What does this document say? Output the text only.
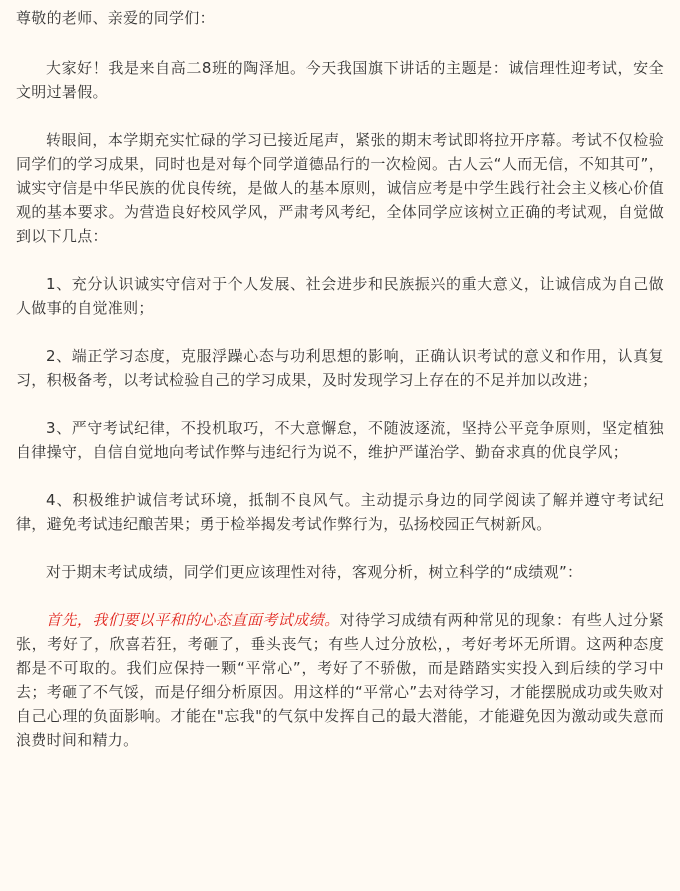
尊敬的老师、亲爱的同学们：

大家好！我是来自高二8班的陶泽旭。今天我国旗下讲话的主题是：诚信理性迎考试，安全文明过暑假。

转眼间，本学期充实忙碌的学习已接近尾声，紧张的期末考试即将拉开序幕。考试不仅检验同学们的学习成果，同时也是对每个同学道德品行的一次检阅。古人云“人而无信，不知其可”，诚实守信是中华民族的优良传统，是做人的基本原则，诚信应考是中学生践行社会主义核心价值观的基本要求。为营造良好校风学风，严肃考风考纪，全体同学应该树立正确的考试观，自觉做到以下几点：

1、充分认识诚实守信对于个人发展、社会进步和民族振兴的重大意义，让诚信成为自己做人做事的自觉准则；

2、端正学习态度，克服浮躁心态与功利思想的影响，正确认识考试的意义和作用，认真复习，积极备考，以考试检验自己的学习成果，及时发现学习上存在的不足并加以改进；

3、严守考试纪律，不投机取巧，不大意懈怠，不随波逐流，坚持公平竞争原则，坚定植独自律操守，自信自觉地向考试作弊与违纪行为说不，维护严谨治学、勤奋求真的优良学风；

4、积极维护诚信考试环境，抵制不良风气。主动提示身边的同学阅读了解并遵守考试纪律，避免考试违纪酿苦果；勇于检举揭发考试作弊行为，弘扬校园正气树新风。

对于期末考试成绩，同学们更应该理性对待，客观分析，树立科学的“成绩观”：

首先，我们要以平和的心态直面考试成绩。对待学习成绩有两种常见的现象：有些人过分紧张，考好了，欣喜若狂，考砸了，垂头丧气；有些人过分放松，，考好考坏无所谓。这两种态度都是不可取的。我们应保持一颗“平常心”，考好了不骄傲，而是踏踏实实投入到后续的学习中去；考砸了不气馁，而是仔细分析原因。用这样的“平常心”去对待学习，才能摆脱成功或失败对自己心理的负面影响。才能在"忘我"的气氛中发挥自己的最大潜能，才能避免因为激动或失意而浪费时间和精力。
